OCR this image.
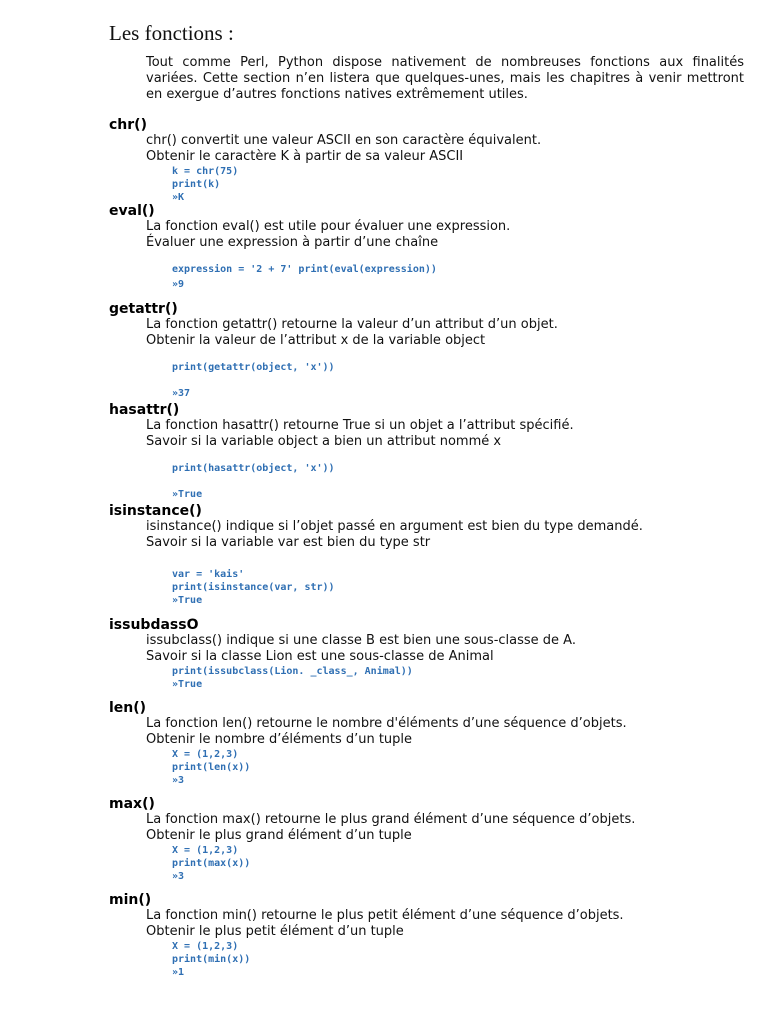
Les fonctions :

Tout comme Perl, Python dispose nativement de nombreuses fonctions aux finalités variées. Cette section n’en listera que quelques-unes, mais les chapitres à venir mettront en exergue d’autres fonctions natives extrêmement utiles.

chr()

chr() convertit une valeur ASCII en son caractère équivalent.

Obtenir le caractère K à partir de sa valeur ASCII

k = chr(75)
print(k)
»K
eval()

La fonction eval() est utile pour évaluer une expression.

Évaluer une expression à partir d’une chaîne

expression = '2 + 7' print(eval(expression))
»9
getattr()

La fonction getattr() retourne la valeur d’un attribut d’un objet.

Obtenir la valeur de l’attribut x de la variable object

print(getattr(object, 'x'))
»37
hasattr()

La fonction hasattr() retourne True si un objet a l’attribut spécifié.

Savoir si la variable object a bien un attribut nommé x

print(hasattr(object, 'x'))
»True
isinstance()

isinstance() indique si l’objet passé en argument est bien du type demandé.

Savoir si la variable var est bien du type str

var = 'kais'
print(isinstance(var, str))
»True
issubdassO

issubclass() indique si une classe B est bien une sous-classe de A.

Savoir si la classe Lion est une sous-classe de Animal

print(issubclass(Lion. _class_, Animal))
»True
len()

La fonction len() retourne le nombre d'éléments d’une séquence d’objets.

Obtenir le nombre d’éléments d’un tuple

X = (1,2,3)
print(len(x))
»3
max()

La fonction max() retourne le plus grand élément d’une séquence d’objets.

Obtenir le plus grand élément d’un tuple

X = (1,2,3)
print(max(x))
»3
min()

La fonction min() retourne le plus petit élément d’une séquence d’objets.

Obtenir le plus petit élément d’un tuple

X = (1,2,3)
print(min(x))
»1
